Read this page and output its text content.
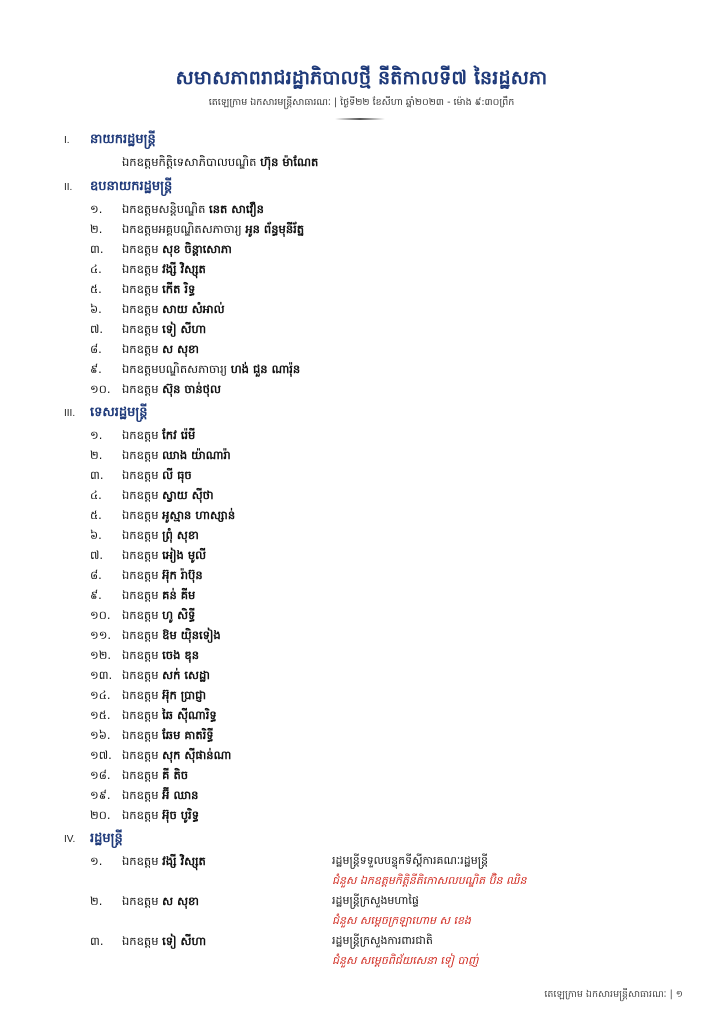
សមាសភាពរាជរដ្ឋាភិបាលថ្មី នីតិកាលទី៧ នៃរដ្ឋសភា
តេឡេក្រាម ឯកសារមន្ត្រីសាធារណៈ | ថ្ងៃទី២២ ខែសីហា ឆ្នាំ២០២៣ - ម៉ោង ៩:៣០ព្រឹក
I. នាយករដ្ឋមន្ត្រី
ឯកឧត្តមកិត្តិទេសាភិបាលបណ្ឌិត ហ៊ុន ម៉ាណែត
II. ឧបនាយករដ្ឋមន្ត្រី
១.	ឯកឧត្តមសន្តិបណ្ឌិត នេត សាវឿន
២.	ឯកឧត្តមអគ្គបណ្ឌិតសភាចារ្យ អូន ព័ន្ធមុនីរ័ត្ន
៣.	ឯកឧត្តម សុខ ចិន្តាសោភា
៤.	ឯកឧត្តម វង្សី វិស្សុត
៥.	ឯកឧត្តម កើត រិទ្ធ
៦.	ឯកឧត្តម សាយ សំអាល់
៧.	ឯកឧត្តម ទៀ សីហា
៨.	ឯកឧត្តម ស សុខា
៩.	ឯកឧត្តមបណ្ឌិតសភាចារ្យ ហង់ ជួន ណារ៉ុន
១០. ឯកឧត្តម ស៊ុន ចាន់ថុល
III. ទេសរដ្ឋមន្ត្រី
១.	ឯកឧត្តម កែវ រ៉េមី
២.	ឯកឧត្តម ឈាង យ៉ាណារ៉ា
៣.	ឯកឧត្តម លី ធុច
៤.	ឯកឧត្តម ស្វាយ ស៊ីថា
៥.	ឯកឧត្តម អូស្មាន ហាស្សាន់
៦.	ឯកឧត្តម ព្រុំ សុខា
៧.	ឯកឧត្តម អៀង មូលី
៨.	ឯកឧត្តម អ៊ុក រ៉ាប៊ុន
៩.	ឯកឧត្តម គន់ គីម
១០. ឯកឧត្តម ហូ សិទ្ធី
១១. ឯកឧត្តម ឱម យ៉ិនទៀង
១២. ឯកឧត្តម ចេង ឌុន
១៣. ឯកឧត្តម សក់ សេដ្ឋា
១៤. ឯកឧត្តម អ៊ុក ប្រាជ្ញា
១៥. ឯកឧត្តម ឆៃ ស៊ីណារិទ្ធ
១៦. ឯកឧត្តម ឆែម គាតរិទ្ធី
១៧. ឯកឧត្តម សុក ស៊ីផាន់ណា
១៨. ឯកឧត្តម គី តិច
១៩. ឯកឧត្តម អ៊ី ឈាន
២០. ឯកឧត្តម អ៊ុច បូរិទ្ធ
IV. រដ្ឋមន្ត្រី
១.	ឯកឧត្តម វង្សី វិស្សុត	រដ្ឋមន្ត្រីទទួលបន្ទុកទីស្តីការគណៈរដ្ឋមន្ត្រី
ជំនួស ឯកឧត្តមកិត្តិនីតិកោសលបណ្ឌិត ប៊ិន ឈិន
២.	ឯកឧត្តម ស សុខា	រដ្ឋមន្ត្រីក្រសួងមហាផ្ទៃ
ជំនួស សម្តេចក្រឡាហោម ស ខេង
៣.	ឯកឧត្តម ទៀ សីហា	រដ្ឋមន្ត្រីក្រសួងការពារជាតិ
ជំនួស សម្តេចពិជ័យសេនា ទៀ បាញ់
តេឡេក្រាម ឯកសារមន្ត្រីសាធារណៈ | ១
